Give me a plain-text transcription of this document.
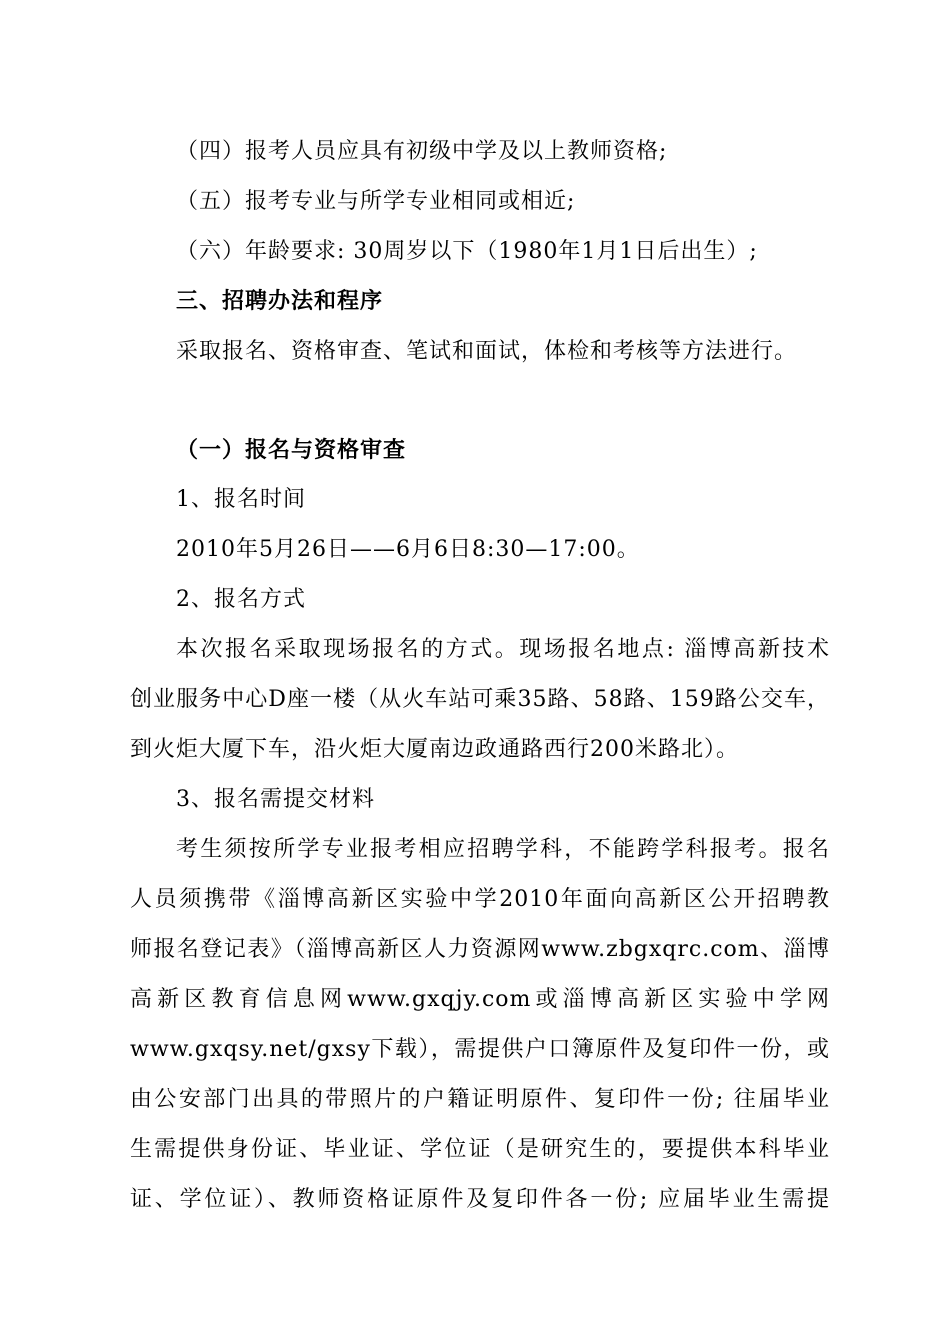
（四）报考人员应具有初级中学及以上教师资格;
（五）报考专业与所学专业相同或相近;
（六）年龄要求: 30周岁以下（1980年1月1日后出生）;
三、招聘办法和程序
采取报名、资格审查、笔试和面试，体检和考核等方法进行。
（一）报名与资格审查
1、报名时间
2010年5月26日——6月6日8:30—17:00。
2、报名方式
本次报名采取现场报名的方式。现场报名地点: 淄博高新技术
创业服务中心D座一楼（从火车站可乘35路、58路、159路公交车，
到火炬大厦下车，沿火炬大厦南边政通路西行200米路北）。
3、报名需提交材料
考生须按所学专业报考相应招聘学科，不能跨学科报考。报名
人员须携带《淄博高新区实验中学2010年面向高新区公开招聘教
师报名登记表》（淄博高新区人力资源网www.zbgxqrc.com、淄博
高新区教育信息网www.gxqjy.com或淄博高新区实验中学网
www.gxqsy.net/gxsy下载），需提供户口簿原件及复印件一份，或
由公安部门出具的带照片的户籍证明原件、复印件一份; 往届毕业
生需提供身份证、毕业证、学位证（是研究生的，要提供本科毕业
证、学位证）、教师资格证原件及复印件各一份; 应届毕业生需提
